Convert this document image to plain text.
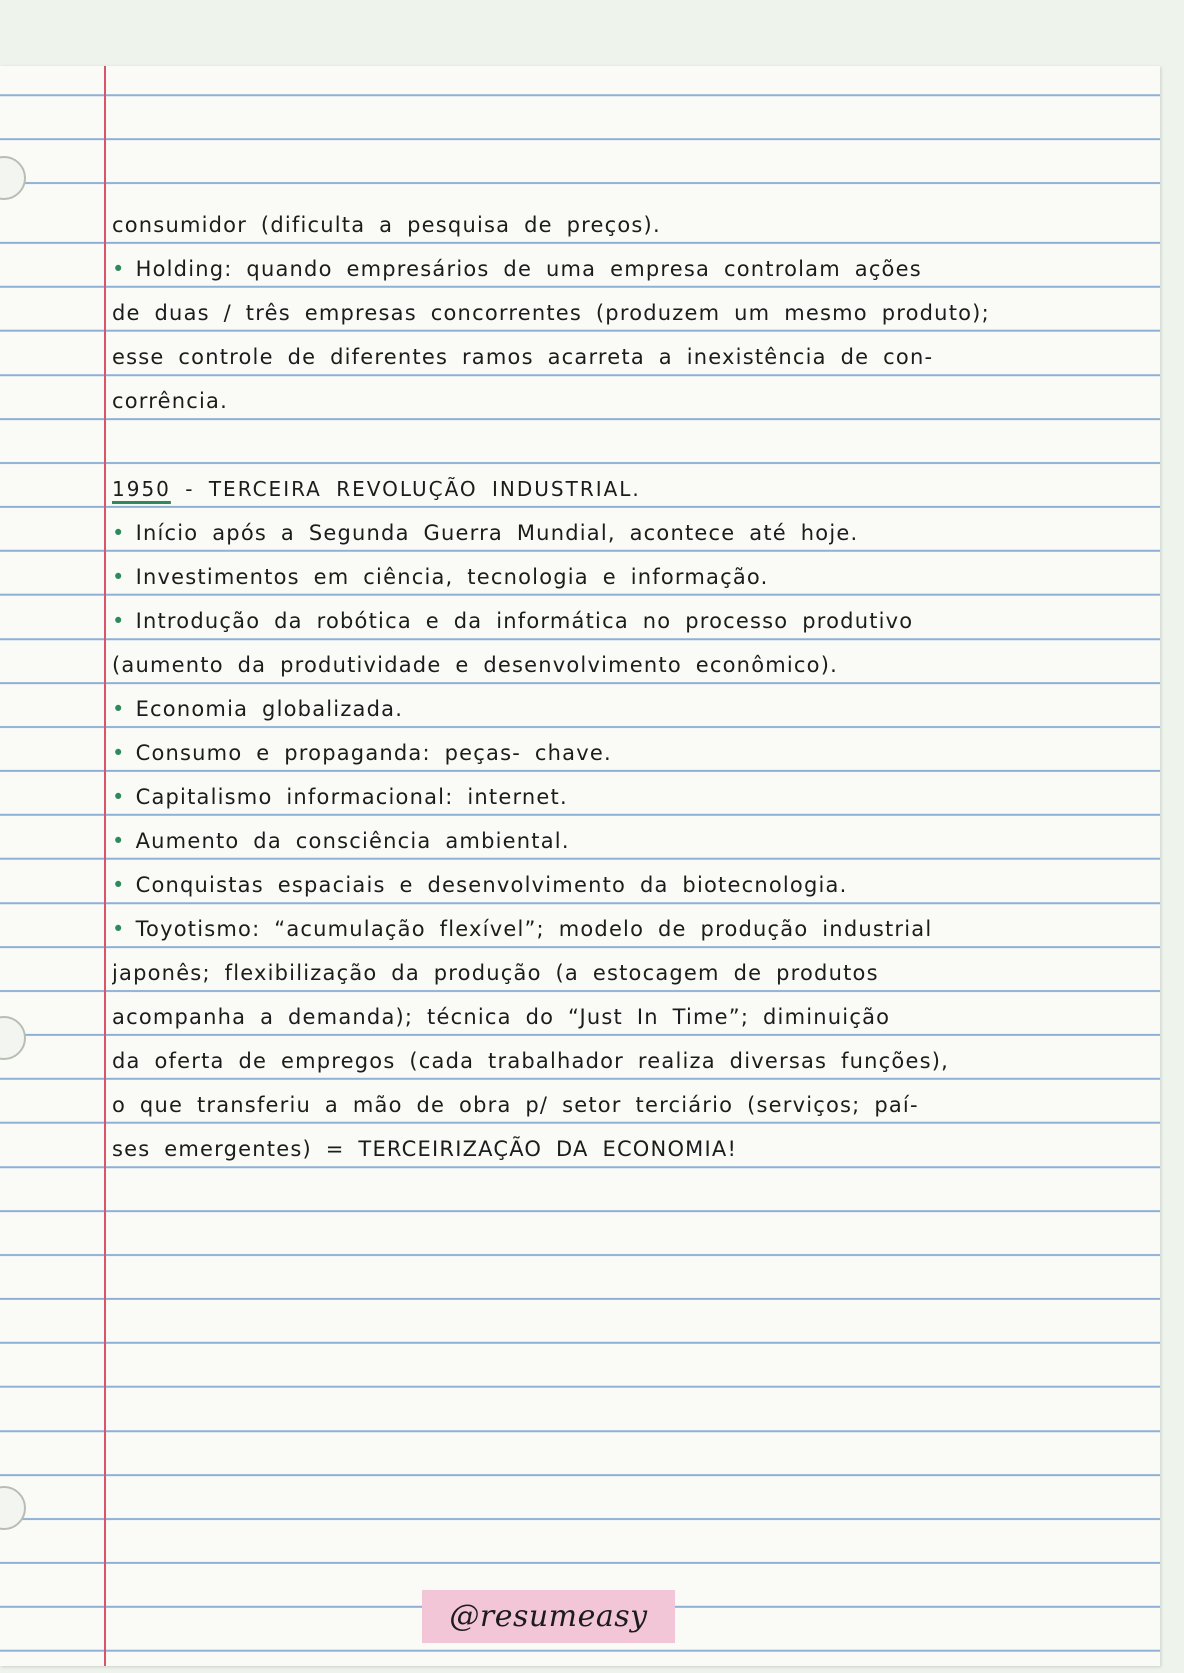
consumidor (dificulta a pesquisa de preços).
• Holding: quando empresários de uma empresa controlam ações
de duas / três empresas concorrentes (produzem um mesmo produto);
esse controle de diferentes ramos acarreta a inexistência de con-
corrência.
1950 - TERCEIRA REVOLUÇÃO INDUSTRIAL.
• Início após a Segunda Guerra Mundial, acontece até hoje.
• Investimentos em ciência, tecnologia e informação.
• Introdução da robótica e da informática no processo produtivo
(aumento da produtividade e desenvolvimento econômico).
• Economia globalizada.
• Consumo e propaganda: peças- chave.
• Capitalismo informacional: internet.
• Aumento da consciência ambiental.
• Conquistas espaciais e desenvolvimento da biotecnologia.
• Toyotismo: “acumulação flexível”; modelo de produção industrial
japonês; flexibilização da produção (a estocagem de produtos
acompanha a demanda); técnica do “Just In Time”; diminuição
da oferta de empregos (cada trabalhador realiza diversas funções),
o que transferiu a mão de obra p/ setor terciário (serviços; paí-
ses emergentes) = TERCEIRIZAÇÃO DA ECONOMIA!
@resumeasy
